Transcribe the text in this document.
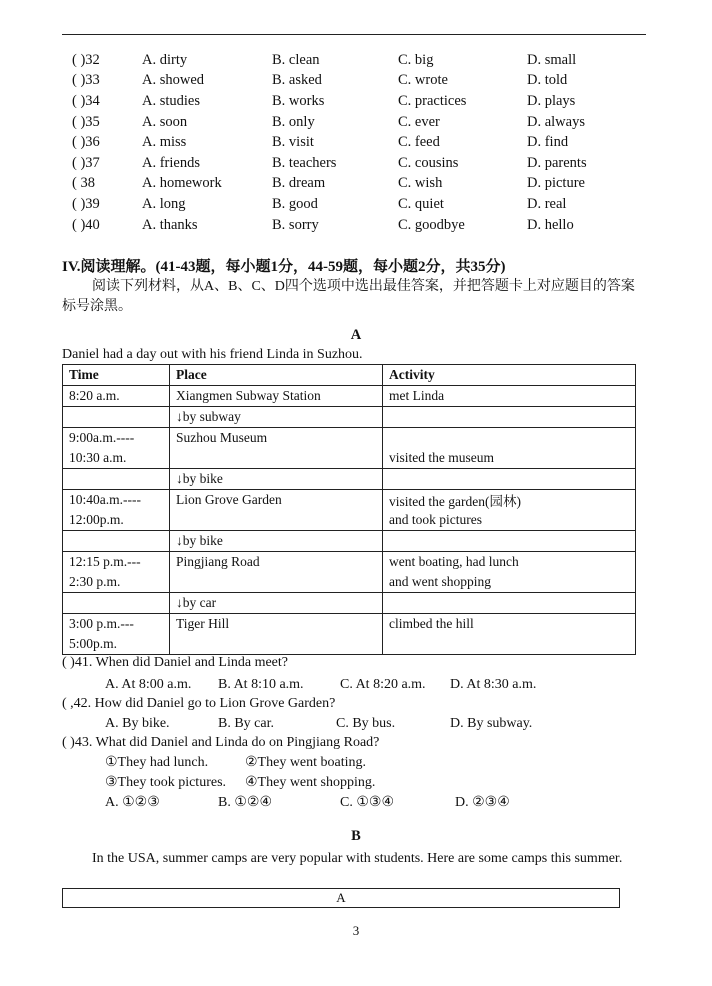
( )32	A. dirty	B. clean	C. big	D. small
( )33	A. showed	B. asked	C. wrote	D. told
( )34	A. studies	B. works	C. practices	D. plays
( )35	A. soon	B. only	C. ever	D. always
( )36	A. miss	B. visit	C. feed	D. find
( )37	A. friends	B. teachers	C. cousins	D. parents
( 38	A. homework	B. dream	C. wish	D. picture
( )39	A. long	B. good	C. quiet	D. real
( )40	A. thanks	B. sorry	C. goodbye	D. hello
IV.阅读理解。(41-43题，每小题1分，44-59题，每小题2分，共35分)
阅读下列材料，从A、B、C、D四个选项中选出最佳答案，并把答题卡上对应题目的答案标号涂黑。
A
Daniel had a day out with his friend Linda in Suzhou.
Time	Place	Activity
8:20 a.m.	Xiangmen Subway Station	met Linda
	↓by subway	
9:00a.m.----	Suzhou Museum	
10:30 a.m.		visited the museum
	↓by bike	
10:40a.m.----	Lion Grove Garden	visited the garden(园林)
12:00p.m.		and took pictures
	↓by bike	
12:15 p.m.---	Pingjiang Road	went boating, had lunch
2:30 p.m.		and went shopping
	↓by car	
3:00 p.m.---	Tiger Hill	climbed the hill
5:00p.m.		
( )41. When did Daniel and Linda meet?
A. At 8:00 a.m. B. At 8:10 a.m.	C. At 8:20 a.m. D. At 8:30 a.m.
( ,42. How did Daniel go to Lion Grove Garden?
A. By bike.	B. By car.	C. By bus.	D. By subway.
( )43. What did Daniel and Linda do on Pingjiang Road?
①They had lunch.	②They went boating.
③They took pictures. ④They went shopping.
A. ①②③	B. ①②④	C. ①③④	D. ②③④
B
In the USA, summer camps are very popular with students. Here are some camps this summer.
A
3
